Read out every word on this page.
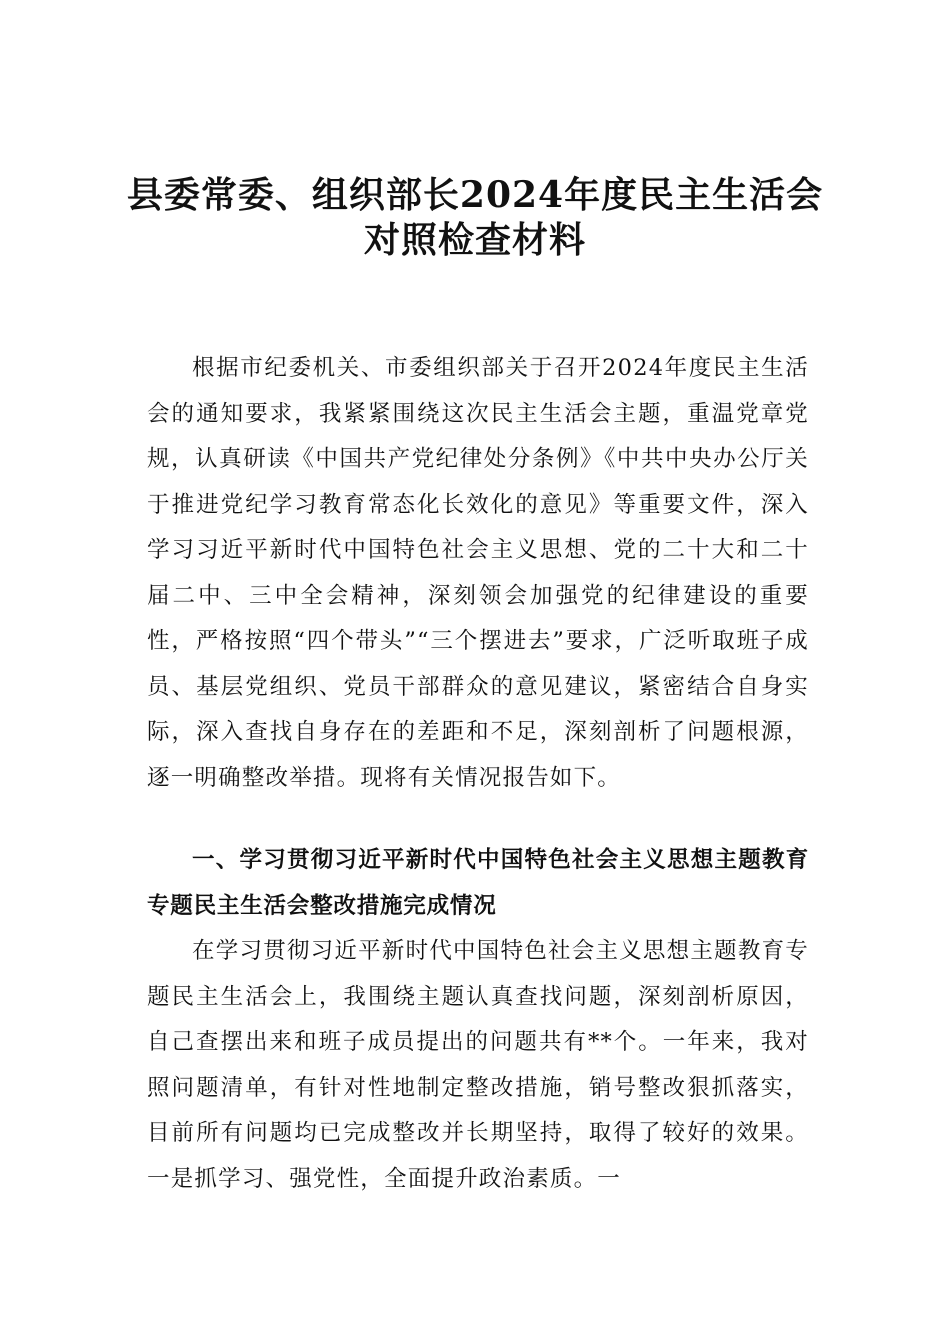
县委常委、组织部长2024年度民主生活会
对照检查材料

根据市纪委机关、市委组织部关于召开2024年度民主生活会的通知要求，我紧紧围绕这次民主生活会主题，重温党章党规，认真研读《中国共产党纪律处分条例》《中共中央办公厅关于推进党纪学习教育常态化长效化的意见》等重要文件，深入学习习近平新时代中国特色社会主义思想、党的二十大和二十届二中、三中全会精神，深刻领会加强党的纪律建设的重要性，严格按照“四个带头”“三个摆进去”要求，广泛听取班子成员、基层党组织、党员干部群众的意见建议，紧密结合自身实际，深入查找自身存在的差距和不足，深刻剖析了问题根源，逐一明确整改举措。现将有关情况报告如下。

一、学习贯彻习近平新时代中国特色社会主义思想主题教育专题民主生活会整改措施完成情况

在学习贯彻习近平新时代中国特色社会主义思想主题教育专题民主生活会上，我围绕主题认真查找问题，深刻剖析原因，自己查摆出来和班子成员提出的问题共有**个。一年来，我对照问题清单，有针对性地制定整改措施，销号整改狠抓落实，目前所有问题均已完成整改并长期坚持，取得了较好的效果。一是抓学习、强党性，全面提升政治素质。一
